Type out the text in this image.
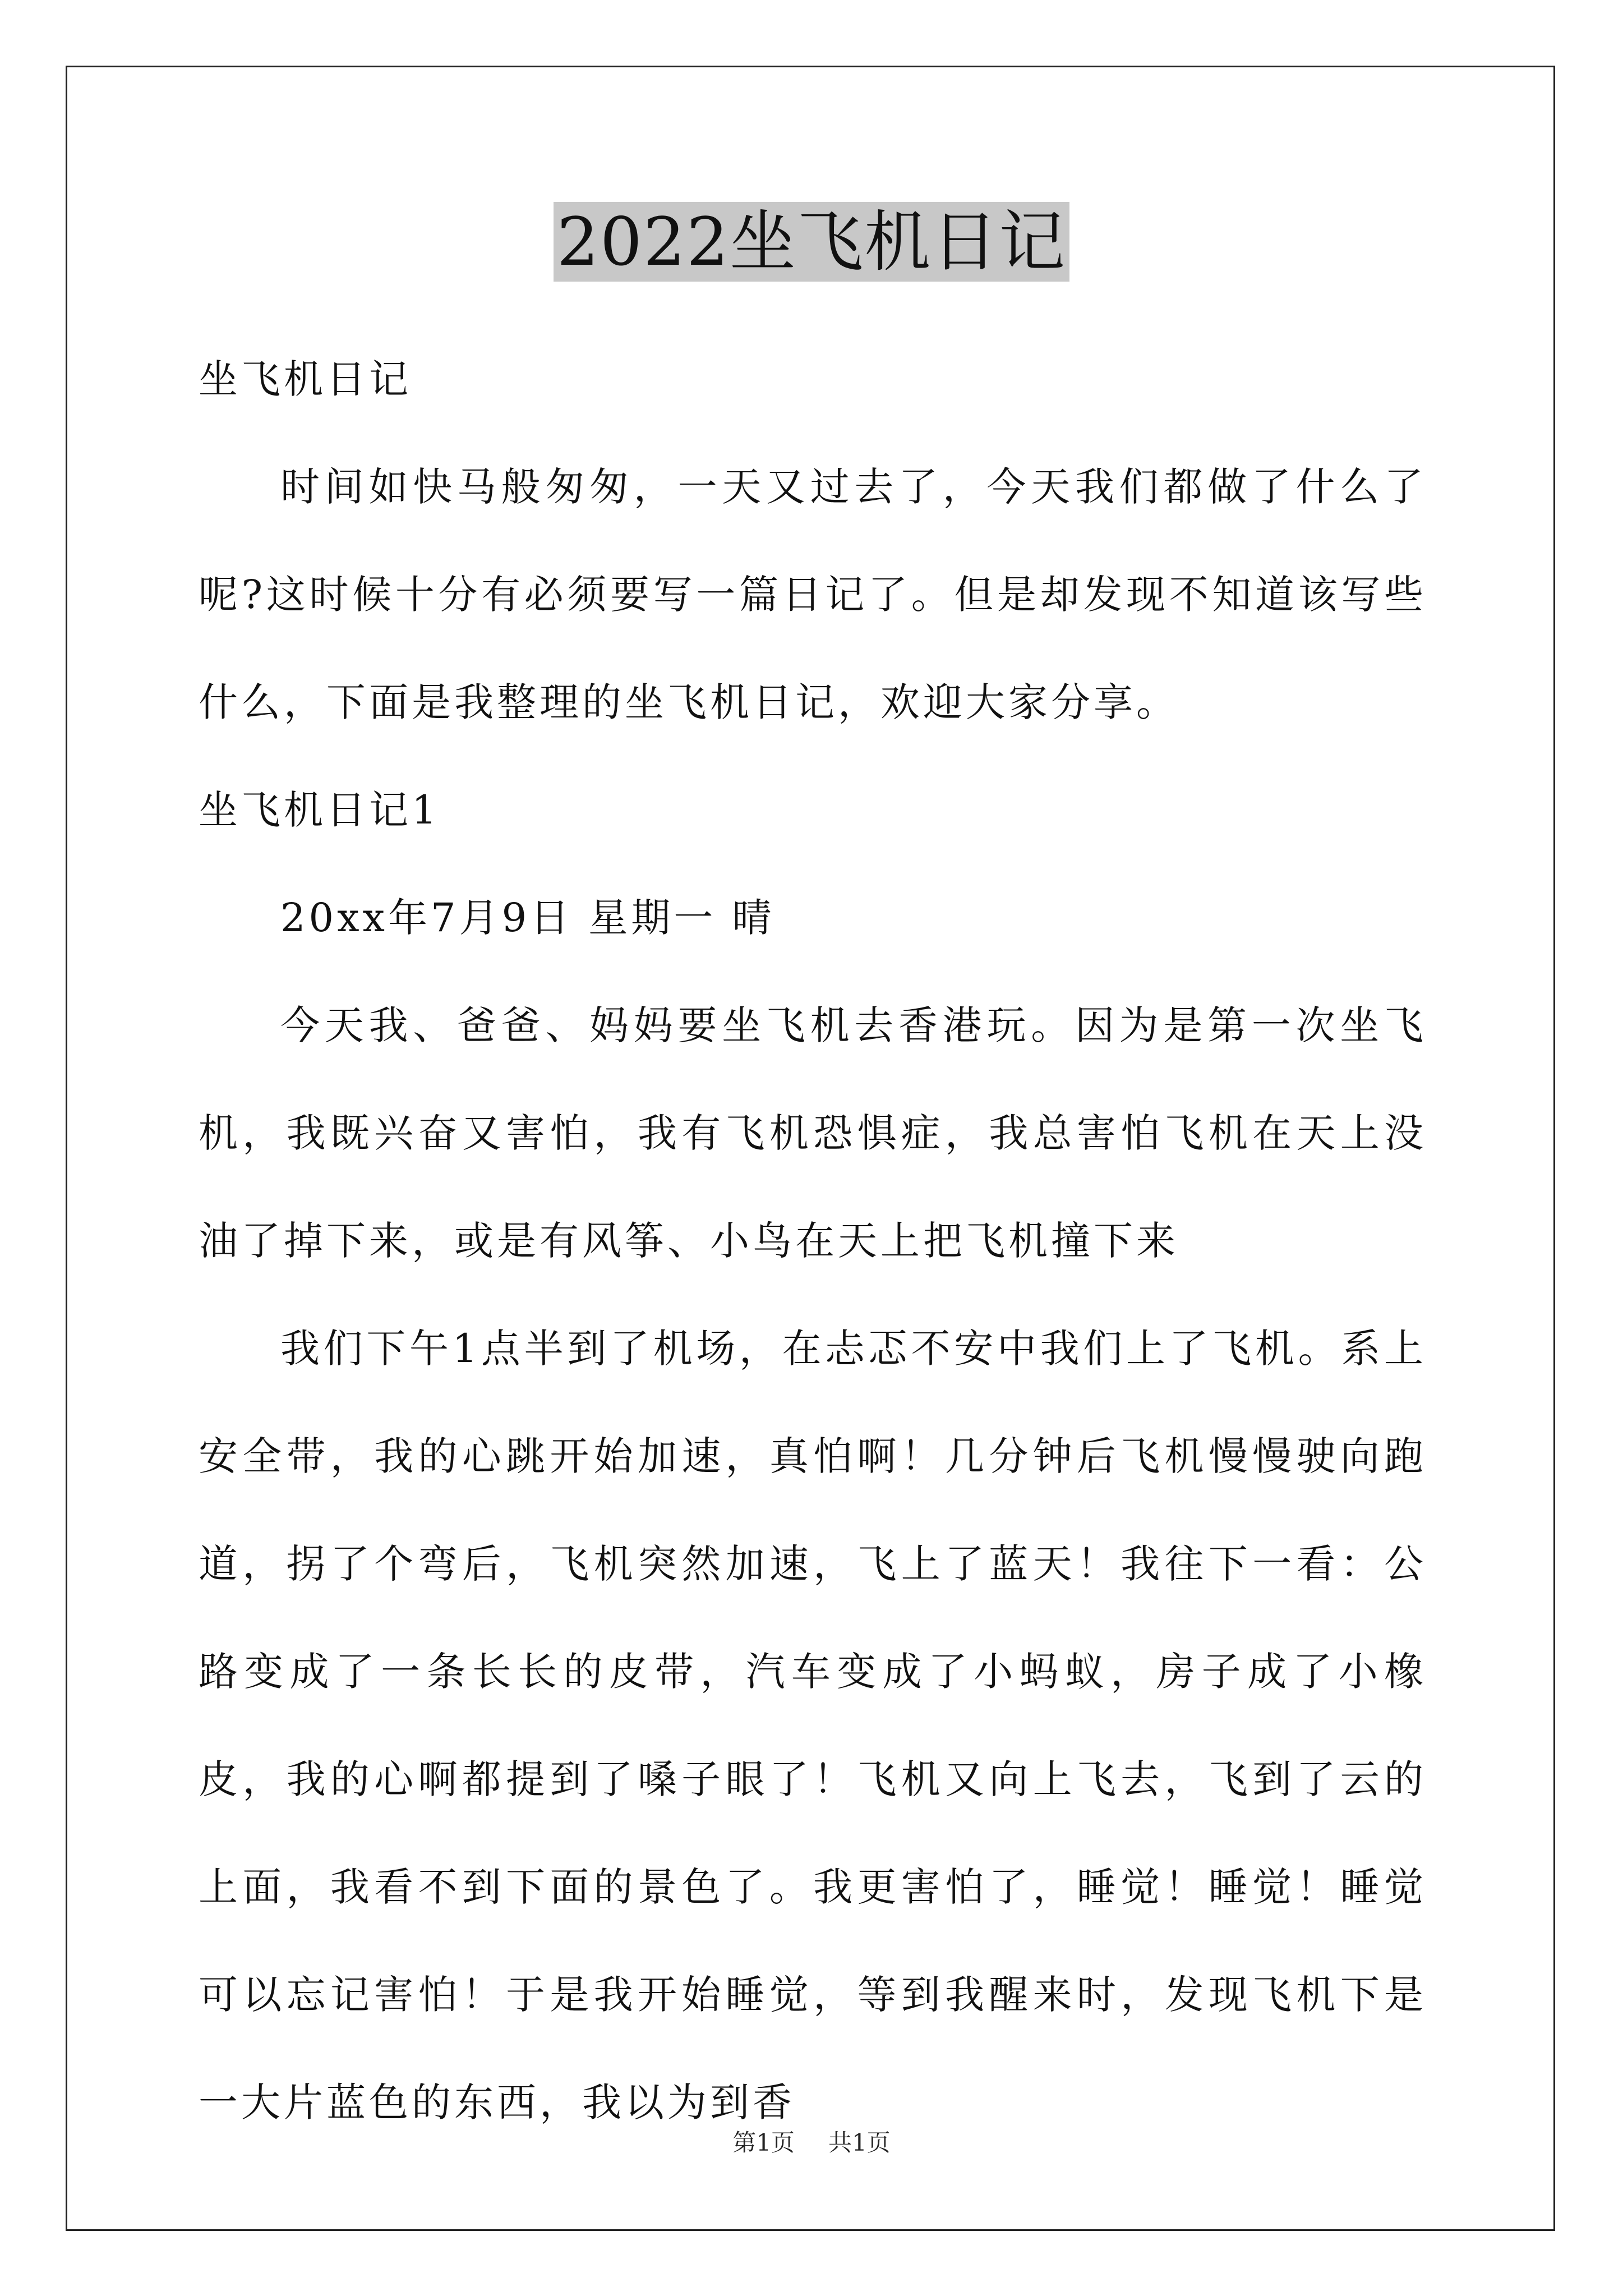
2022坐飞机日记

坐飞机日记

时间如快马般匆匆，一天又过去了，今天我们都做了什么了呢?这时候十分有必须要写一篇日记了。但是却发现不知道该写些什么，下面是我整理的坐飞机日记，欢迎大家分享。

坐飞机日记1

20xx年7月9日 星期一 晴

今天我、爸爸、妈妈要坐飞机去香港玩。因为是第一次坐飞机，我既兴奋又害怕，我有飞机恐惧症，我总害怕飞机在天上没油了掉下来，或是有风筝、小鸟在天上把飞机撞下来

我们下午1点半到了机场，在忐忑不安中我们上了飞机。系上安全带，我的心跳开始加速，真怕啊！几分钟后飞机慢慢驶向跑道，拐了个弯后，飞机突然加速，飞上了蓝天！我往下一看：公路变成了一条长长的皮带，汽车变成了小蚂蚁，房子成了小橡皮，我的心啊都提到了嗓子眼了！飞机又向上飞去，飞到了云的上面，我看不到下面的景色了。我更害怕了，睡觉！睡觉！睡觉可以忘记害怕！于是我开始睡觉，等到我醒来时，发现飞机下是一大片蓝色的东西，我以为到香

第1页 共1页
